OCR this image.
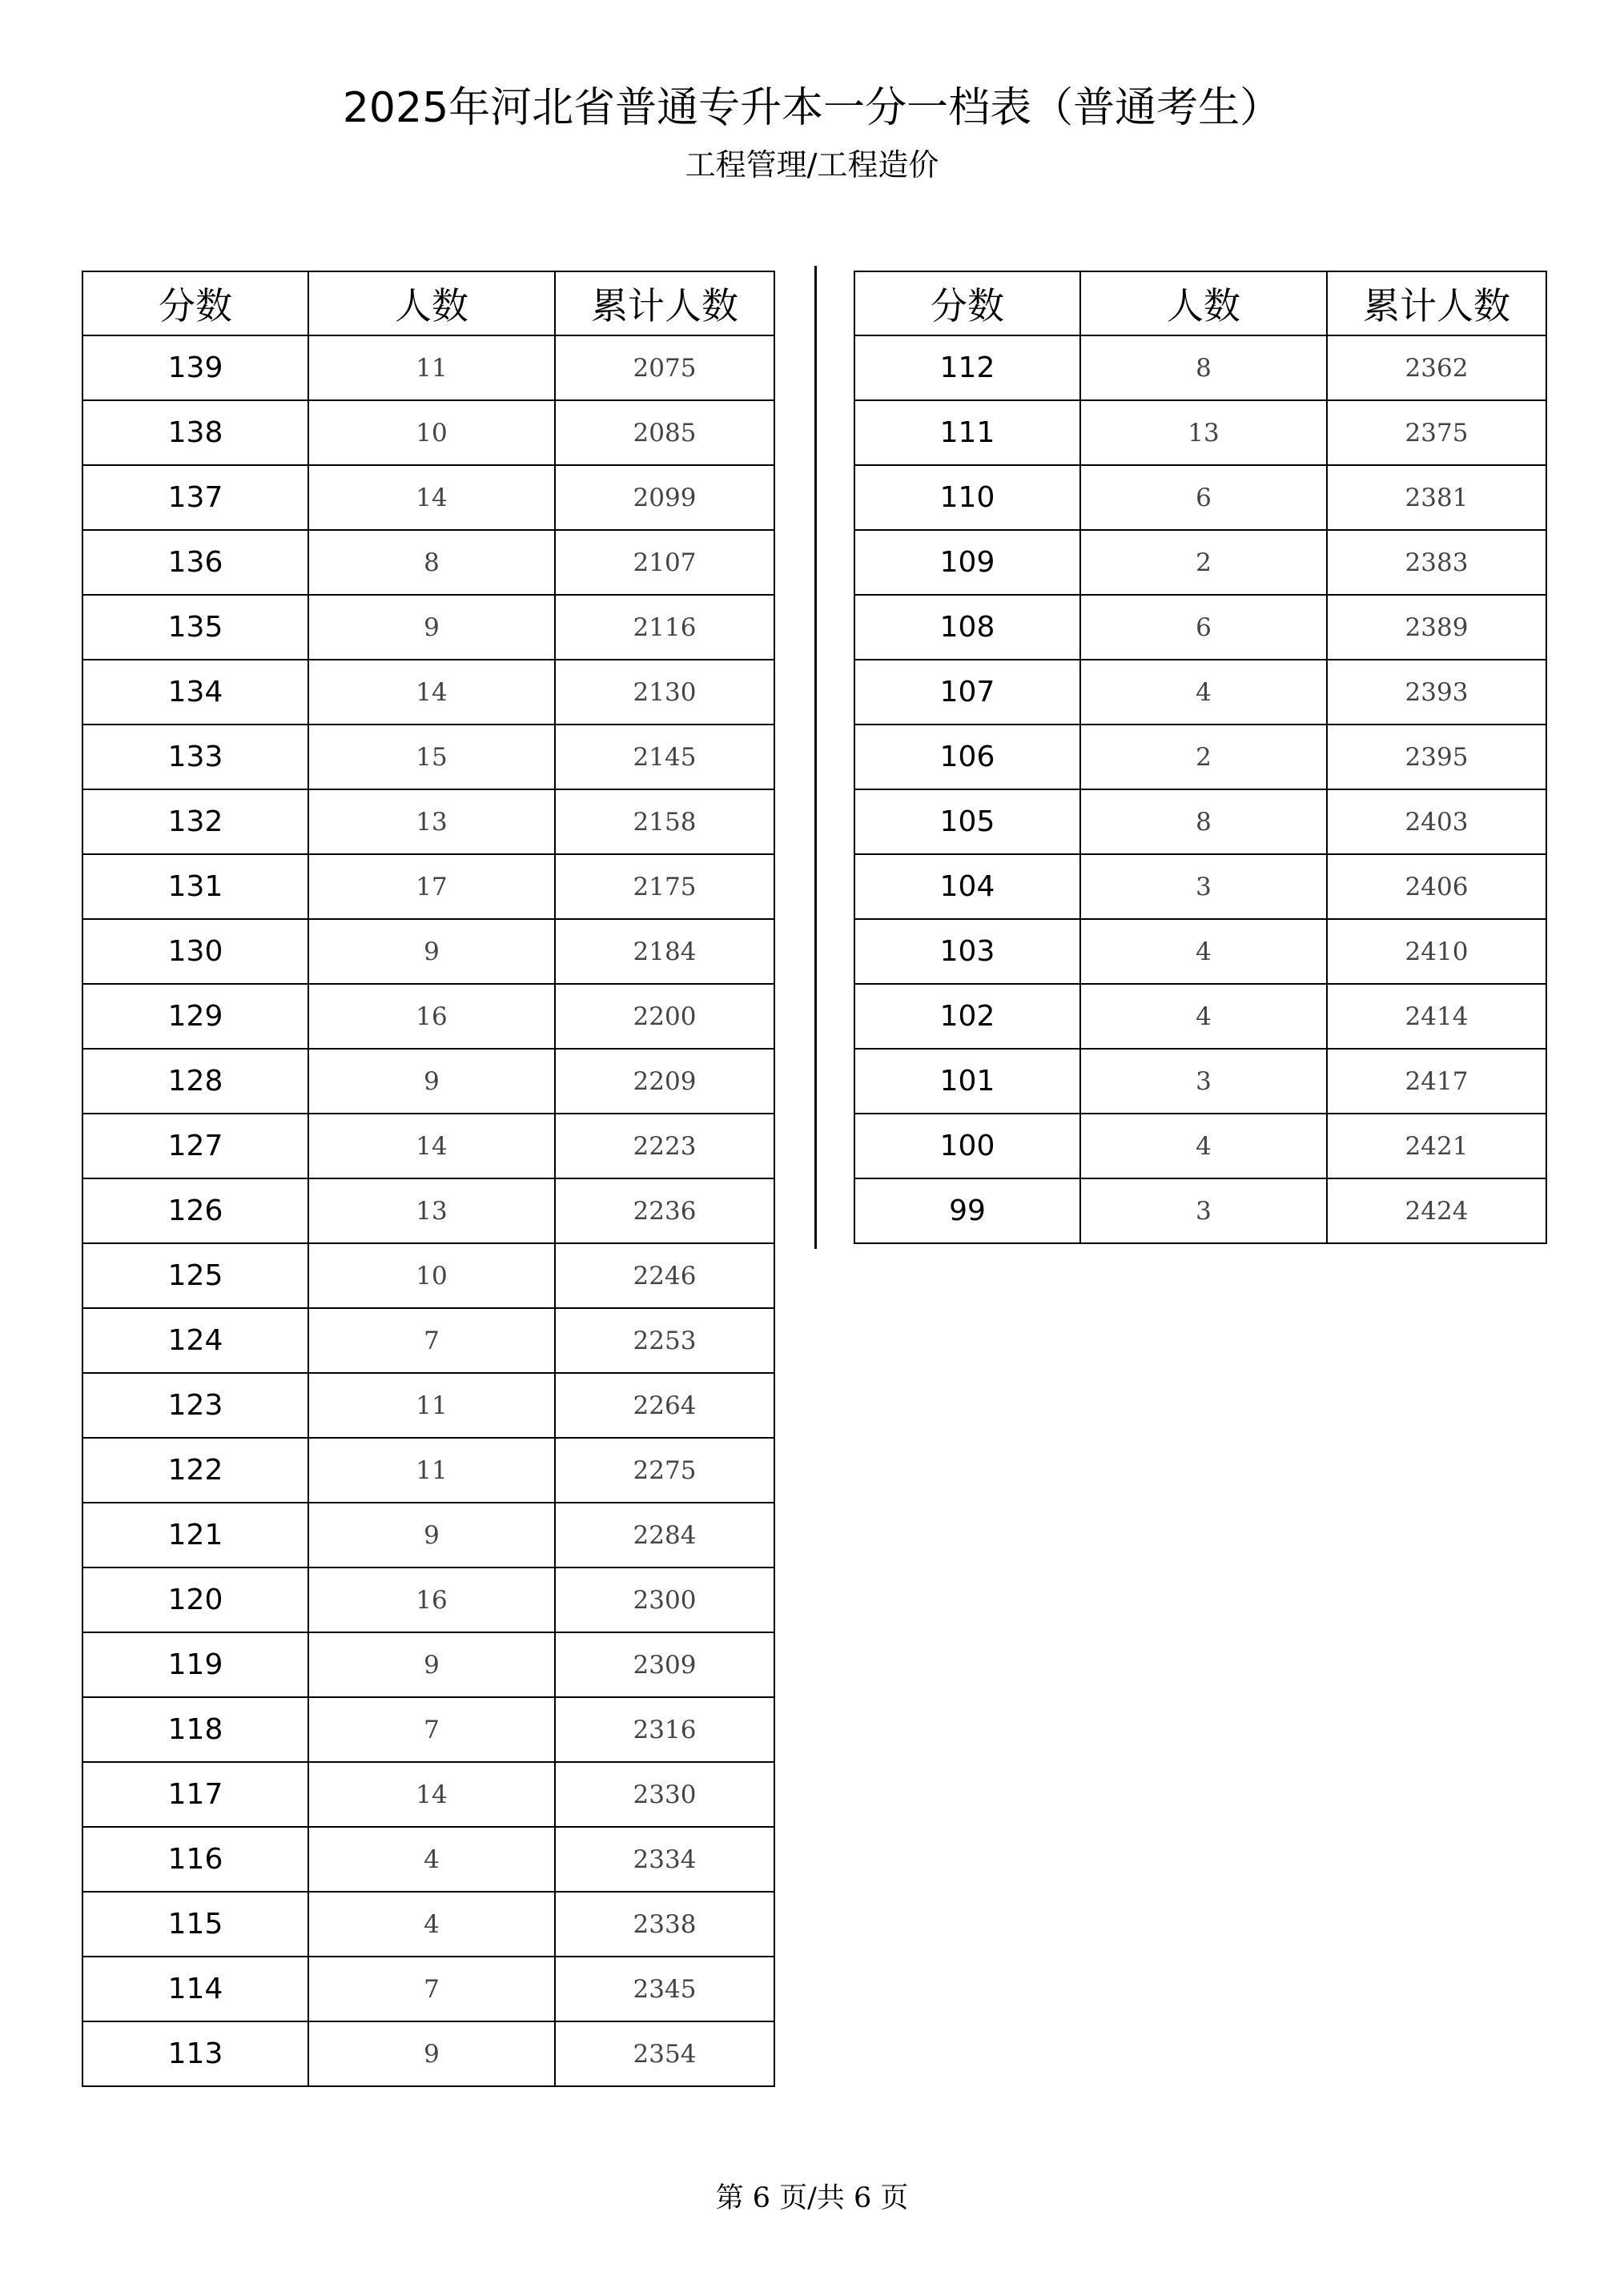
2025年河北省普通专升本一分一档表（普通考生）
工程管理/工程造价
分数	人数	累计人数
139	11	2075
138	10	2085
137	14	2099
136	8	2107
135	9	2116
134	14	2130
133	15	2145
132	13	2158
131	17	2175
130	9	2184
129	16	2200
128	9	2209
127	14	2223
126	13	2236
125	10	2246
124	7	2253
123	11	2264
122	11	2275
121	9	2284
120	16	2300
119	9	2309
118	7	2316
117	14	2330
116	4	2334
115	4	2338
114	7	2345
113	9	2354
分数	人数	累计人数
112	8	2362
111	13	2375
110	6	2381
109	2	2383
108	6	2389
107	4	2393
106	2	2395
105	8	2403
104	3	2406
103	4	2410
102	4	2414
101	3	2417
100	4	2421
99	3	2424
第 6 页/共 6 页
